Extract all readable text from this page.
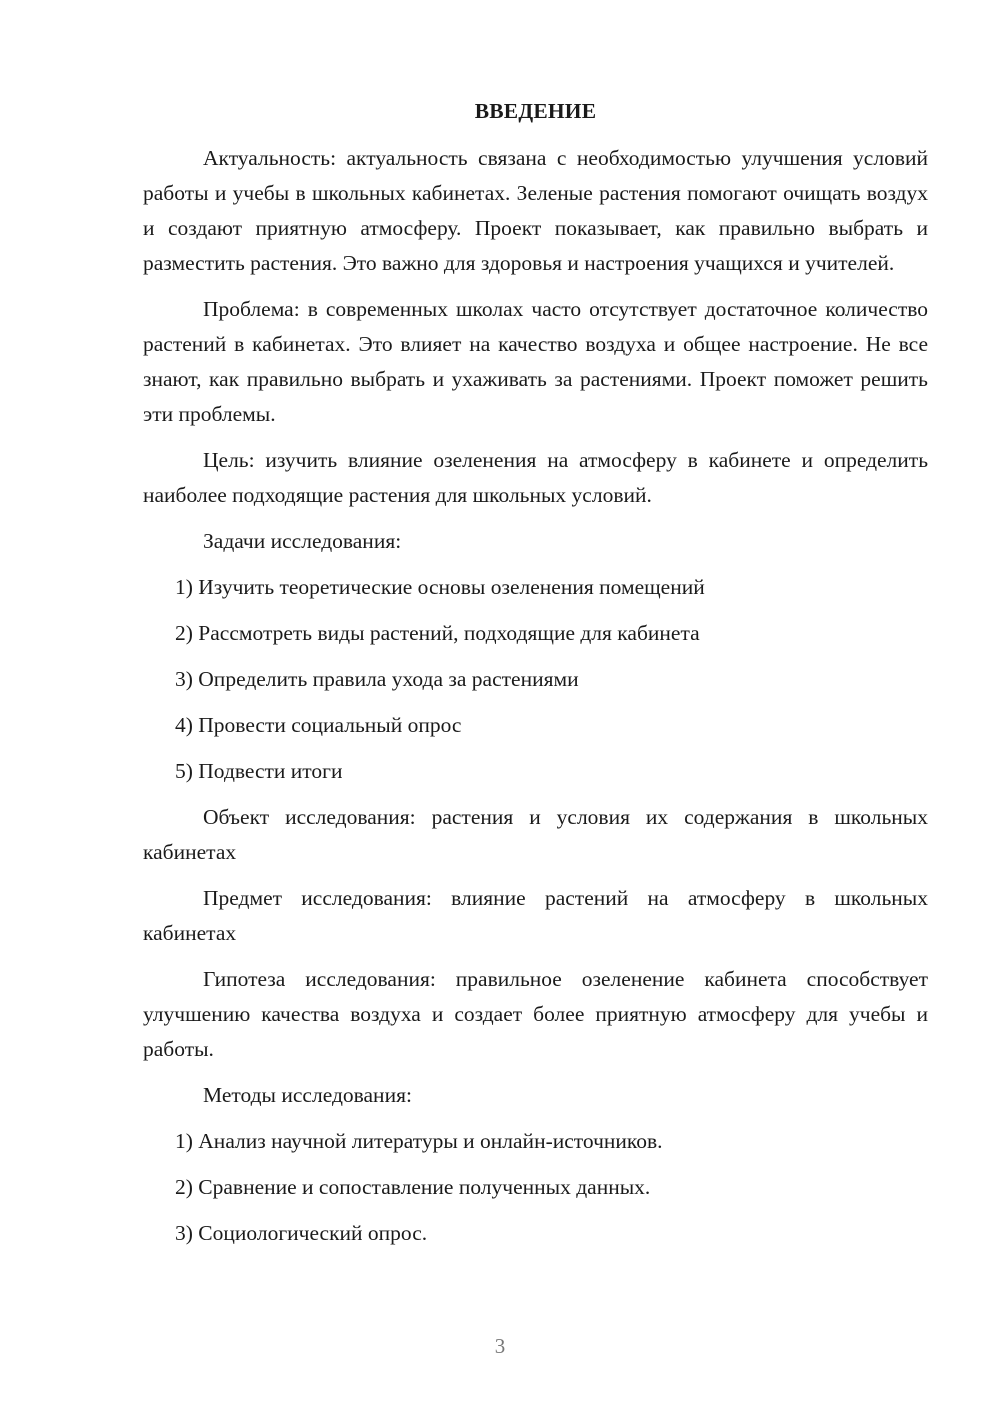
ВВЕДЕНИЕ

Актуальность: актуальность связана с необходимостью улучшения условий работы и учебы в школьных кабинетах. Зеленые растения помогают очищать воздух и создают приятную атмосферу. Проект показывает, как правильно выбрать и разместить растения. Это важно для здоровья и настроения учащихся и учителей.

Проблема: в современных школах часто отсутствует достаточное количество растений в кабинетах. Это влияет на качество воздуха и общее настроение. Не все знают, как правильно выбрать и ухаживать за растениями. Проект поможет решить эти проблемы.

Цель: изучить влияние озеленения на атмосферу в кабинете и определить наиболее подходящие растения для школьных условий.

Задачи исследования:

1) Изучить теоретические основы озеленения помещений
2) Рассмотреть виды растений, подходящие для кабинета
3) Определить правила ухода за растениями
4) Провести социальный опрос
5) Подвести итоги

Объект исследования: растения и условия их содержания в школьных кабинетах

Предмет исследования: влияние растений на атмосферу в школьных кабинетах

Гипотеза исследования: правильное озеленение кабинета способствует улучшению качества воздуха и создает более приятную атмосферу для учебы и работы.

Методы исследования:

1) Анализ научной литературы и онлайн-источников.
2) Сравнение и сопоставление полученных данных.
3) Социологический опрос.
3
